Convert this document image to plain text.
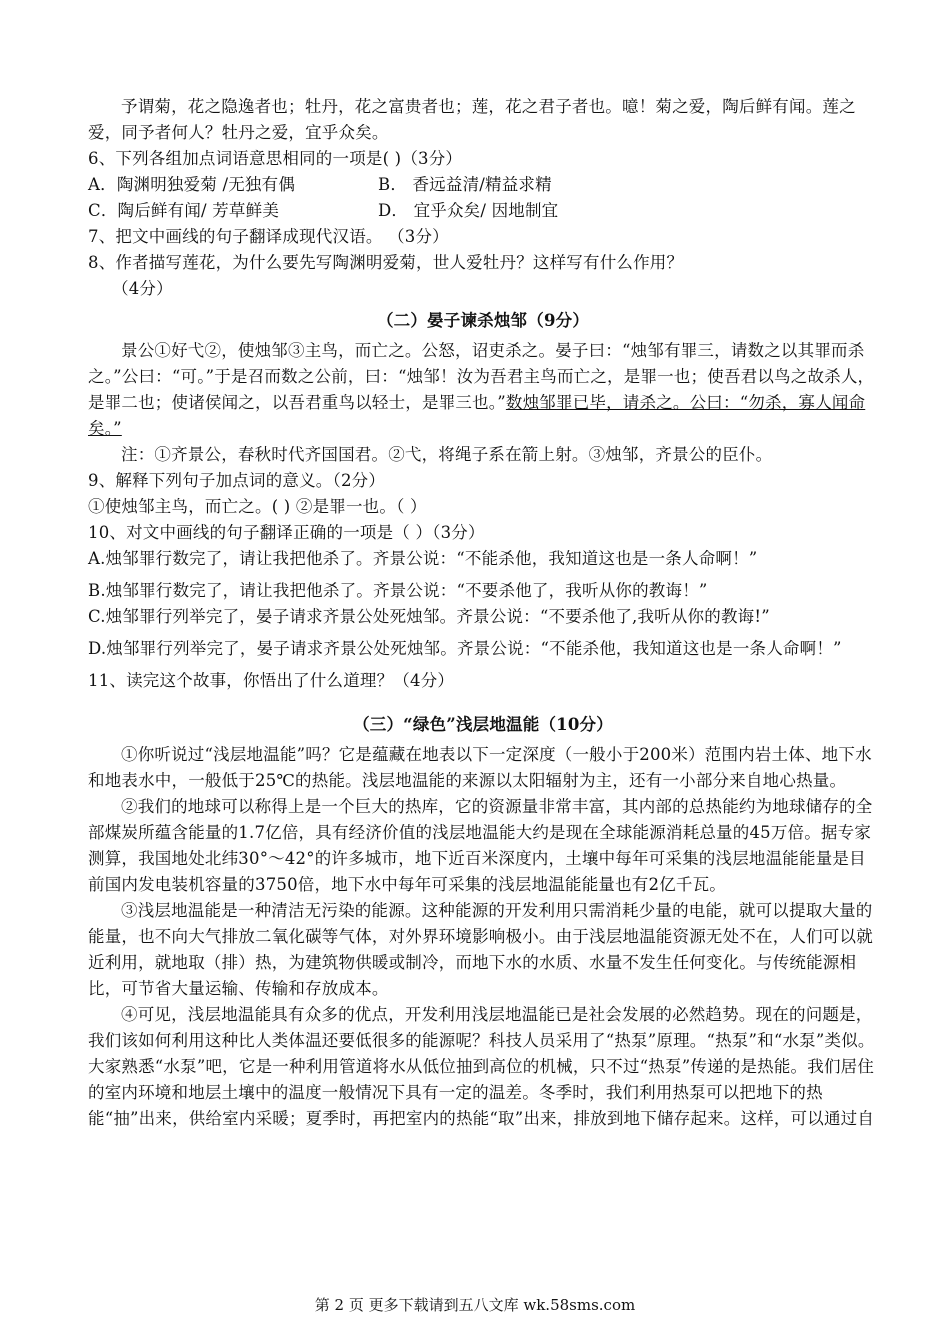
予谓菊，花之隐逸者也；牡丹，花之富贵者也；莲，花之君子者也。噫！菊之爱，陶后鲜有闻。莲之爱，同予者何人？牡丹之爱，宜乎众矣。

6、下列各组加点词语意思相同的一项是( )（3分）

A．陶渊明独爱菊 /无独有偶	B． 香远益清/精益求精
C．陶后鲜有闻/ 芳草鲜美	D． 宜乎众矣/ 因地制宜

7、把文中画线的句子翻译成现代汉语。 （3分）

8、作者描写莲花，为什么要先写陶渊明爱菊，世人爱牡丹？这样写有什么作用？

（4分）

（二）晏子谏杀烛邹（9分）

景公①好弋②，使烛邹③主鸟，而亡之。公怒，诏吏杀之。晏子曰：“烛邹有罪三，请数之以其罪而杀之。”公曰：“可。”于是召而数之公前，曰：“烛邹！汝为吾君主鸟而亡之，是罪一也；使吾君以鸟之故杀人，是罪二也；使诸侯闻之，以吾君重鸟以轻士，是罪三也。”数烛邹罪已毕，请杀之。公曰：“勿杀，寡人闻命矣。”

注：①齐景公，春秋时代齐国国君。②弋，将绳子系在箭上射。③烛邹，齐景公的臣仆。

9、解释下列句子加点词的意义。（2分）

①使烛邹主鸟，而亡之。( ) ②是罪一也。（ ）

10、对文中画线的句子翻译正确的一项是（ ）（3分）

A.烛邹罪行数完了，请让我把他杀了。齐景公说：“不能杀他，我知道这也是一条人命啊！”

B.烛邹罪行数完了，请让我把他杀了。齐景公说：“不要杀他了，我听从你的教诲！”

C.烛邹罪行列举完了，晏子请求齐景公处死烛邹。齐景公说：“不要杀他了,我听从你的教诲!”

D.烛邹罪行列举完了，晏子请求齐景公处死烛邹。齐景公说：“不能杀他，我知道这也是一条人命啊！”

11、读完这个故事，你悟出了什么道理？（4分）

（三）“绿色”浅层地温能（10分）

①你听说过“浅层地温能”吗？它是蕴藏在地表以下一定深度（一般小于200米）范围内岩土体、地下水和地表水中，一般低于25℃的热能。浅层地温能的来源以太阳辐射为主，还有一小部分来自地心热量。

②我们的地球可以称得上是一个巨大的热库，它的资源量非常丰富，其内部的总热能约为地球储存的全部煤炭所蕴含能量的1.7亿倍，具有经济价值的浅层地温能大约是现在全球能源消耗总量的45万倍。据专家测算，我国地处北纬30°～42°的许多城市，地下近百米深度内，土壤中每年可采集的浅层地温能能量是目前国内发电装机容量的3750倍，地下水中每年可采集的浅层地温能能量也有2亿千瓦。

③浅层地温能是一种清洁无污染的能源。这种能源的开发利用只需消耗少量的电能，就可以提取大量的能量，也不向大气排放二氧化碳等气体，对外界环境影响极小。由于浅层地温能资源无处不在，人们可以就近利用，就地取（排）热，为建筑物供暖或制冷，而地下水的水质、水量不发生任何变化。与传统能源相比，可节省大量运输、传输和存放成本。

④可见，浅层地温能具有众多的优点，开发利用浅层地温能已是社会发展的必然趋势。现在的问题是，我们该如何利用这种比人类体温还要低很多的能源呢？科技人员采用了“热泵”原理。“热泵”和“水泵”类似。大家熟悉“水泵”吧，它是一种利用管道将水从低位抽到高位的机械，只不过“热泵”传递的是热能。我们居住的室内环境和地层土壤中的温度一般情况下具有一定的温差。冬季时，我们利用热泵可以把地下的热能“抽”出来，供给室内采暖；夏季时，再把室内的热能“取”出来，排放到地下储存起来。这样，可以通过自

第 2 页 更多下载请到五八文库 wk.58sms.com
